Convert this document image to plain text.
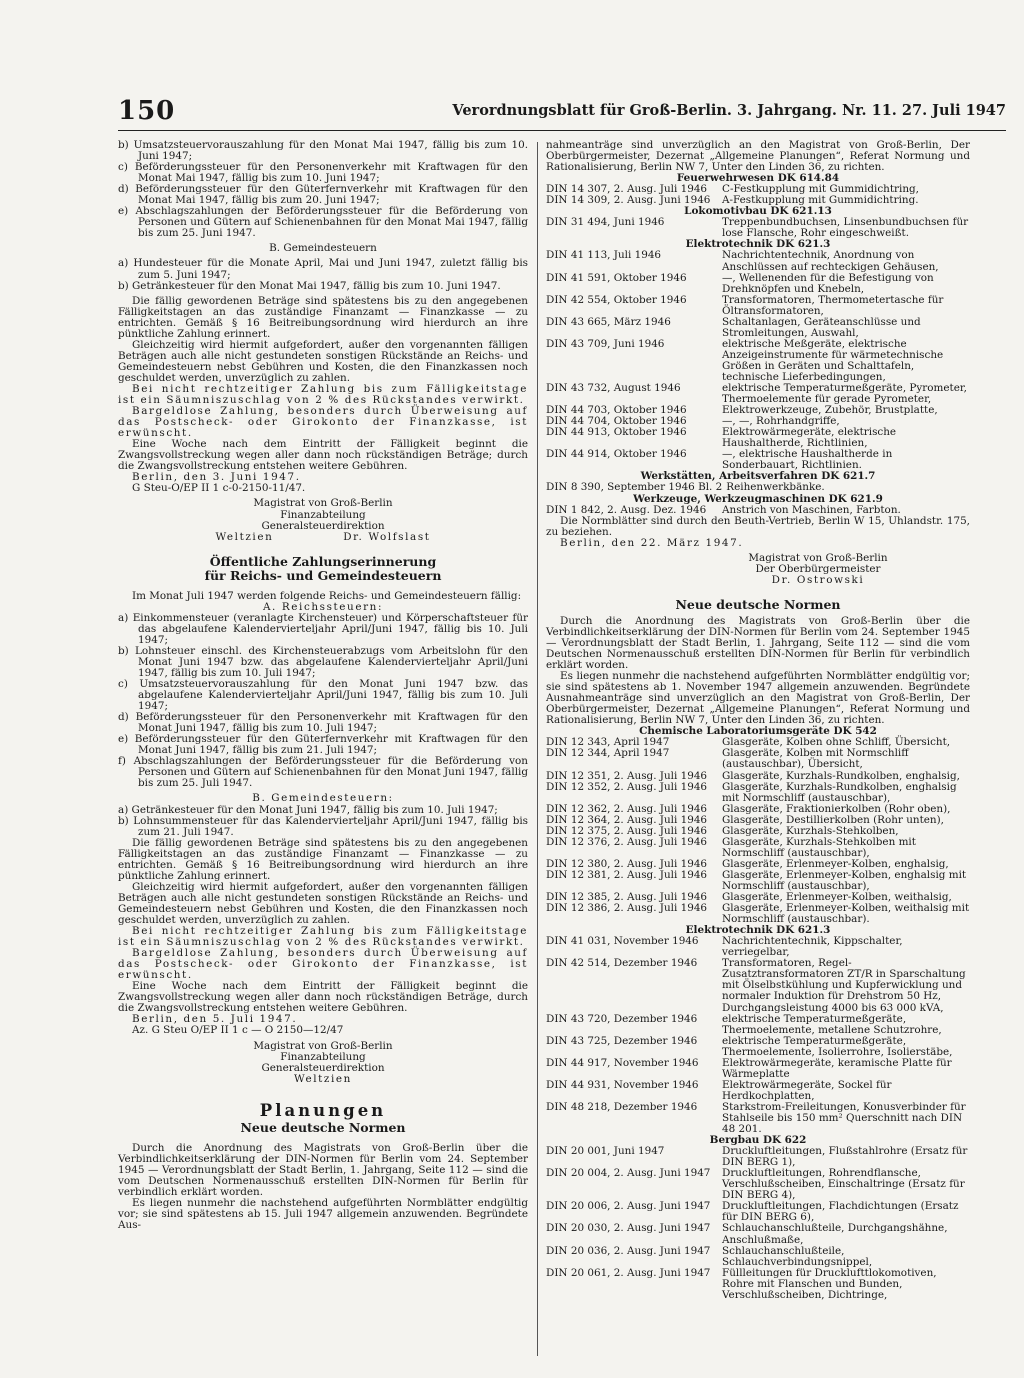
150	Verordnungsblatt für Groß-Berlin. 3. Jahrgang. Nr. 11. 27. Juli 1947

b) Umsatzsteuervorauszahlung für den Monat Mai 1947, fällig bis zum 10. Juni 1947;

c) Beförderungssteuer für den Personenverkehr mit Kraftwagen für den Monat Mai 1947, fällig bis zum 10. Juni 1947;

d) Beförderungssteuer für den Güterfernverkehr mit Kraftwagen für den Monat Mai 1947, fällig bis zum 20. Juni 1947;

e) Abschlagszahlungen der Beförderungssteuer für die Beförderung von Personen und Gütern auf Schienenbahnen für den Monat Mai 1947, fällig bis zum 25. Juni 1947.

B. Gemeindesteuern

a) Hundesteuer für die Monate April, Mai und Juni 1947, zuletzt fällig bis zum 5. Juni 1947;

b) Getränkesteuer für den Monat Mai 1947, fällig bis zum 10. Juni 1947.

Die fällig gewordenen Beträge sind spätestens bis zu den angegebenen Fälligkeitstagen an das zuständige Finanzamt — Finanzkasse — zu entrichten. Gemäß § 16 Beitreibungsordnung wird hierdurch an ihre pünktliche Zahlung erinnert.

Gleichzeitig wird hiermit aufgefordert, außer den vorgenannten fälligen Beträgen auch alle nicht gestundeten sonstigen Rückstände an Reichs- und Gemeindesteuern nebst Gebühren und Kosten, die den Finanzkassen noch geschuldet werden, unverzüglich zu zahlen.

Bei nicht rechtzeitiger Zahlung bis zum Fälligkeitstage ist ein Säumniszuschlag von 2 % des Rückstandes verwirkt.

Bargeldlose Zahlung, besonders durch Überweisung auf das Postscheck- oder Girokonto der Finanzkasse, ist erwünscht.

Eine Woche nach dem Eintritt der Fälligkeit beginnt die Zwangsvollstreckung wegen aller dann noch rückständigen Beträge; durch die Zwangsvollstreckung entstehen weitere Gebühren.

Berlin, den 3. Juni 1947.

G Steu-O/EP II 1 c-0-2150-11/47.

Magistrat von Groß-Berlin

Finanzabteilung

Generalsteuerdirektion

Weltzien	Dr. Wolfslast

Öffentliche Zahlungserinnerung

für Reichs- und Gemeindesteuern

Im Monat Juli 1947 werden folgende Reichs- und Gemeindesteuern fällig:

A. Reichssteuern:

a) Einkommensteuer (veranlagte Kirchensteuer) und Körperschaftsteuer für das abgelaufene Kalendervierteljahr April/Juni 1947, fällig bis 10. Juli 1947;

b) Lohnsteuer einschl. des Kirchensteuerabzugs vom Arbeitslohn für den Monat Juni 1947 bzw. das abgelaufene Kalendervierteljahr April/Juni 1947, fällig bis zum 10. Juli 1947;

c) Umsatzsteuervorauszahlung für den Monat Juni 1947 bzw. das abgelaufene Kalendervierteljahr April/Juni 1947, fällig bis zum 10. Juli 1947;

d) Beförderungssteuer für den Personenverkehr mit Kraftwagen für den Monat Juni 1947, fällig bis zum 10. Juli 1947;

e) Beförderungssteuer für den Güterfernverkehr mit Kraftwagen für den Monat Juni 1947, fällig bis zum 21. Juli 1947;

f) Abschlagszahlungen der Beförderungssteuer für die Beförderung von Personen und Gütern auf Schienenbahnen für den Monat Juni 1947, fällig bis zum 25. Juli 1947.

B. Gemeindesteuern:

a) Getränkesteuer für den Monat Juni 1947, fällig bis zum 10. Juli 1947;

b) Lohnsummensteuer für das Kalendervierteljahr April/Juni 1947, fällig bis zum 21. Juli 1947.

Die fällig gewordenen Beträge sind spätestens bis zu den angegebenen Fälligkeitstagen an das zuständige Finanzamt — Finanzkasse — zu entrichten. Gemäß § 16 Beitreibungsordnung wird hierdurch an ihre pünktliche Zahlung erinnert.

Gleichzeitig wird hiermit aufgefordert, außer den vorgenannten fälligen Beträgen auch alle nicht gestundeten sonstigen Rückstände an Reichs- und Gemeindesteuern nebst Gebühren und Kosten, die den Finanzkassen noch geschuldet werden, unverzüglich zu zahlen.

Bei nicht rechtzeitiger Zahlung bis zum Fälligkeitstage ist ein Säumniszuschlag von 2 % des Rückstandes verwirkt.

Bargeldlose Zahlung, besonders durch Überweisung auf das Postscheck- oder Girokonto der Finanzkasse, ist erwünscht.

Eine Woche nach dem Eintritt der Fälligkeit beginnt die Zwangsvollstreckung wegen aller dann noch rückständigen Beträge, durch die Zwangsvollstreckung entstehen weitere Gebühren.

Berlin, den 5. Juli 1947.

Az. G Steu O/EP II 1 c — O 2150—12/47

Magistrat von Groß-Berlin

Finanzabteilung

Generalsteuerdirektion

Weltzien

Planungen

Neue deutsche Normen

Durch die Anordnung des Magistrats von Groß-Berlin über die Verbindlichkeitserklärung der DIN-Normen für Berlin vom 24. September 1945 — Verordnungsblatt der Stadt Berlin, 1. Jahrgang, Seite 112 — sind die vom Deutschen Normenausschuß erstellten DIN-Normen für Berlin für verbindlich erklärt worden.

Es liegen nunmehr die nachstehend aufgeführten Normblätter endgültig vor; sie sind spätestens ab 15. Juli 1947 allgemein anzuwenden. Begründete Aus-

nahmeanträge sind unverzüglich an den Magistrat von Groß-Berlin, Der Oberbürgermeister, Dezernat „Allgemeine Planungen“, Referat Normung und Rationalisierung, Berlin NW 7, Unter den Linden 36, zu richten.

Feuerwehrwesen DK 614.84

DIN 14 307, 2. Ausg. Juli 1946	C-Festkupplung mit Gummidichtring,
DIN 14 309, 2. Ausg. Juni 1946	A-Festkupplung mit Gummidichtring.

Lokomotivbau DK 621.13

DIN 31 494, Juni 1946	Treppenbundbuchsen, Linsenbundbuchsen für lose Flansche, Rohr eingeschweißt.

Elektrotechnik DK 621.3

DIN 41 113, Juli 1946	Nachrichtentechnik, Anordnung von Anschlüssen auf rechteckigen Gehäusen,
DIN 41 591, Oktober 1946	—, Wellenenden für die Befestigung von Drehknöpfen und Knebeln,
DIN 42 554, Oktober 1946	Transformatoren, Thermometertasche für Öltransformatoren,
DIN 43 665, März 1946	Schaltanlagen, Geräteanschlüsse und Stromleitungen, Auswahl,
DIN 43 709, Juni 1946	elektrische Meßgeräte, elektrische Anzeigeinstrumente für wärmetechnische Größen in Geräten und Schalttafeln, technische Lieferbedingungen,
DIN 43 732, August 1946	elektrische Temperaturmeßgeräte, Pyrometer, Thermoelemente für gerade Pyrometer,
DIN 44 703, Oktober 1946	Elektrowerkzeuge, Zubehör, Brustplatte,
DIN 44 704, Oktober 1946	—, —, Rohrhandgriffe,
DIN 44 913, Oktober 1946	Elektrowärmegeräte, elektrische Haushaltherde, Richtlinien,
DIN 44 914, Oktober 1946	—, elektrische Haushaltherde in Sonderbauart, Richtlinien.

Werkstätten, Arbeitsverfahren DK 621.7

DIN 8 390, September 1946 Bl. 2	Reihenwerkbänke.

Werkzeuge, Werkzeugmaschinen DK 621.9

DIN 1 842, 2. Ausg. Dez. 1946	Anstrich von Maschinen, Farbton.

Die Normblätter sind durch den Beuth-Vertrieb, Berlin W 15, Uhlandstr. 175, zu beziehen.

Berlin, den 22. März 1947.

Magistrat von Groß-Berlin

Der Oberbürgermeister

Dr. Ostrowski

Neue deutsche Normen

Durch die Anordnung des Magistrats von Groß-Berlin über die Verbindlichkeitserklärung der DIN-Normen für Berlin vom 24. September 1945 — Verordnungsblatt der Stadt Berlin, 1. Jahrgang, Seite 112 — sind die vom Deutschen Normenausschuß erstellten DIN-Normen für Berlin für verbindlich erklärt worden.

Es liegen nunmehr die nachstehend aufgeführten Normblätter endgültig vor; sie sind spätestens ab 1. November 1947 allgemein anzuwenden. Begründete Ausnahmeanträge sind unverzüglich an den Magistrat von Groß-Berlin, Der Oberbürgermeister, Dezernat „Allgemeine Planungen“, Referat Normung und Rationalisierung, Berlin NW 7, Unter den Linden 36, zu richten.

Chemische Laboratoriumsgeräte DK 542

DIN 12 343, April 1947	Glasgeräte, Kolben ohne Schliff, Übersicht,
DIN 12 344, April 1947	Glasgeräte, Kolben mit Normschliff (austauschbar), Übersicht,
DIN 12 351, 2. Ausg. Juli 1946	Glasgeräte, Kurzhals-Rundkolben, enghalsig,
DIN 12 352, 2. Ausg. Juli 1946	Glasgeräte, Kurzhals-Rundkolben, enghalsig mit Normschliff (austauschbar),
DIN 12 362, 2. Ausg. Juli 1946	Glasgeräte, Fraktionierkolben (Rohr oben),
DIN 12 364, 2. Ausg. Juli 1946	Glasgeräte, Destillierkolben (Rohr unten),
DIN 12 375, 2. Ausg. Juli 1946	Glasgeräte, Kurzhals-Stehkolben,
DIN 12 376, 2. Ausg. Juli 1946	Glasgeräte, Kurzhals-Stehkolben mit Normschliff (austauschbar),
DIN 12 380, 2. Ausg. Juli 1946	Glasgeräte, Erlenmeyer-Kolben, enghalsig,
DIN 12 381, 2. Ausg. Juli 1946	Glasgeräte, Erlenmeyer-Kolben, enghalsig mit Normschliff (austauschbar),
DIN 12 385, 2. Ausg. Juli 1946	Glasgeräte, Erlenmeyer-Kolben, weithalsig,
DIN 12 386, 2. Ausg. Juli 1946	Glasgeräte, Erlenmeyer-Kolben, weithalsig mit Normschliff (austauschbar).

Elektrotechnik DK 621.3

DIN 41 031, November 1946	Nachrichtentechnik, Kippschalter, verriegelbar,
DIN 42 514, Dezember 1946	Transformatoren, Regel-Zusatztransformatoren ZT/R in Sparschaltung mit Ölselbstkühlung und Kupferwicklung und normaler Induktion für Drehstrom 50 Hz, Durchgangsleistung 4000 bis 63 000 kVA,
DIN 43 720, Dezember 1946	elektrische Temperaturmeßgeräte, Thermoelemente, metallene Schutzrohre,
DIN 43 725, Dezember 1946	elektrische Temperaturmeßgeräte, Thermoelemente, Isolierrohre, Isolierstäbe,
DIN 44 917, November 1946	Elektrowärmegeräte, keramische Platte für Wärmeplatte
DIN 44 931, November 1946	Elektrowärmegeräte, Sockel für Herdkochplatten,
DIN 48 218, Dezember 1946	Starkstrom-Freileitungen, Konusverbinder für Stahlseile bis 150 mm² Querschnitt nach DIN 48 201.

Bergbau DK 622

DIN 20 001, Juni 1947	Druckluftleitungen, Flußstahlrohre (Ersatz für DIN BERG 1),
DIN 20 004, 2. Ausg. Juni 1947	Druckluftleitungen, Rohrendflansche, Verschlußscheiben, Einschaltringe (Ersatz für DIN BERG 4),
DIN 20 006, 2. Ausg. Juni 1947	Druckluftleitungen, Flachdichtungen (Ersatz für DIN BERG 6),
DIN 20 030, 2. Ausg. Juni 1947	Schlauchanschlußteile, Durchgangshähne, Anschlußmaße,
DIN 20 036, 2. Ausg. Juni 1947	Schlauchanschlußteile, Schlauchverbindungsnippel,
DIN 20 061, 2. Ausg. Juni 1947	Füllleitungen für Drucklufttlokomotiven, Rohre mit Flanschen und Bunden, Verschlußscheiben, Dichtringe,
